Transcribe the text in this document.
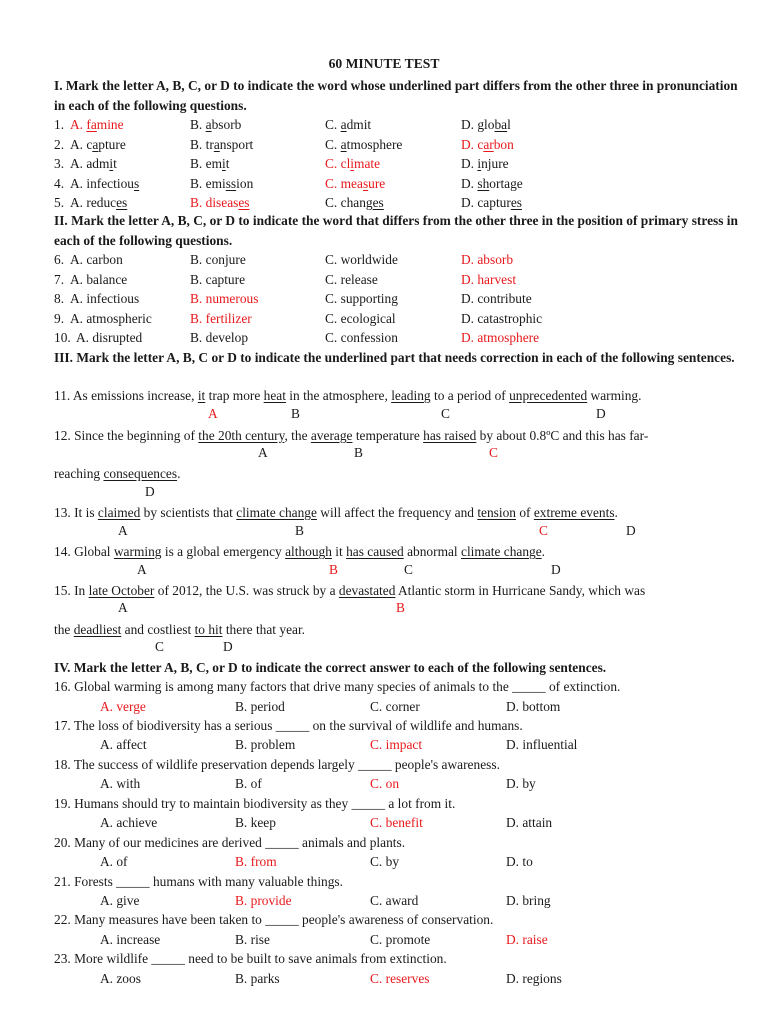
60 MINUTE TEST
I. Mark the letter A, B, C, or D to indicate the word whose underlined part differs from the other three in pronunciation in each of the following questions.
II. Mark the letter A, B, C, or D to indicate the word that differs from the other three in the position of primary stress in each of the following questions.
III. Mark the letter A, B, C or D to indicate the underlined part that needs correction in each of the following sentences.
11. As emissions increase, it trap more heat in the atmosphere, leading to a period of unprecedented warming.
A	B	C	D
12. Since the beginning of the 20th century, the average temperature has raised by about 0.8ºC and this has far-
A	B	C
reaching consequences.
D
13. It is claimed by scientists that climate change will affect the frequency and tension of extreme events.
A	B	C	D
14. Global warming is a global emergency although it has caused abnormal climate change.
A	B	C	D
15. In late October of 2012, the U.S. was struck by a devastated Atlantic storm in Hurricane Sandy, which was
A	B
the deadliest and costliest to hit there that year.
C	D
IV. Mark the letter A, B, C, or D to indicate the correct answer to each of the following sentences.
1. A. famine	B. absorb	C. admit	D. global
2. A. capture	B. transport	C. atmosphere	D. carbon
3. A. admit	B. emit	C. climate	D. injure
4. A. infectious	B. emission	C. measure	D. shortage
5. A. reduces	B. diseases	C. changes	D. captures
6. A. carbon	B. conjure	C. worldwide	D. absorb
7. A. balance	B. capture	C. release	D. harvest
8. A. infectious	B. numerous	C. supporting	D. contribute
9. A. atmospheric	B. fertilizer	C. ecological	D. catastrophic
10. A. disrupted	B. develop	C. confession	D. atmosphere
16. Global warming is among many factors that drive many species of animals to the _____ of extinction.
A. verge	B. period	C. corner	D. bottom
17. The loss of biodiversity has a serious _____ on the survival of wildlife and humans.
A. affect	B. problem	C. impact	D. influential
18. The success of wildlife preservation depends largely _____ people's awareness.
A. with	B. of	C. on	D. by
19. Humans should try to maintain biodiversity as they _____ a lot from it.
A. achieve	B. keep	C. benefit	D. attain
20. Many of our medicines are derived _____ animals and plants.
A. of	B. from	C. by	D. to
21. Forests _____ humans with many valuable things.
A. give	B. provide	C. award	D. bring
22. Many measures have been taken to _____ people's awareness of conservation.
A. increase	B. rise	C. promote	D. raise
23. More wildlife _____ need to be built to save animals from extinction.
A. zoos	B. parks	C. reserves	D. regions
